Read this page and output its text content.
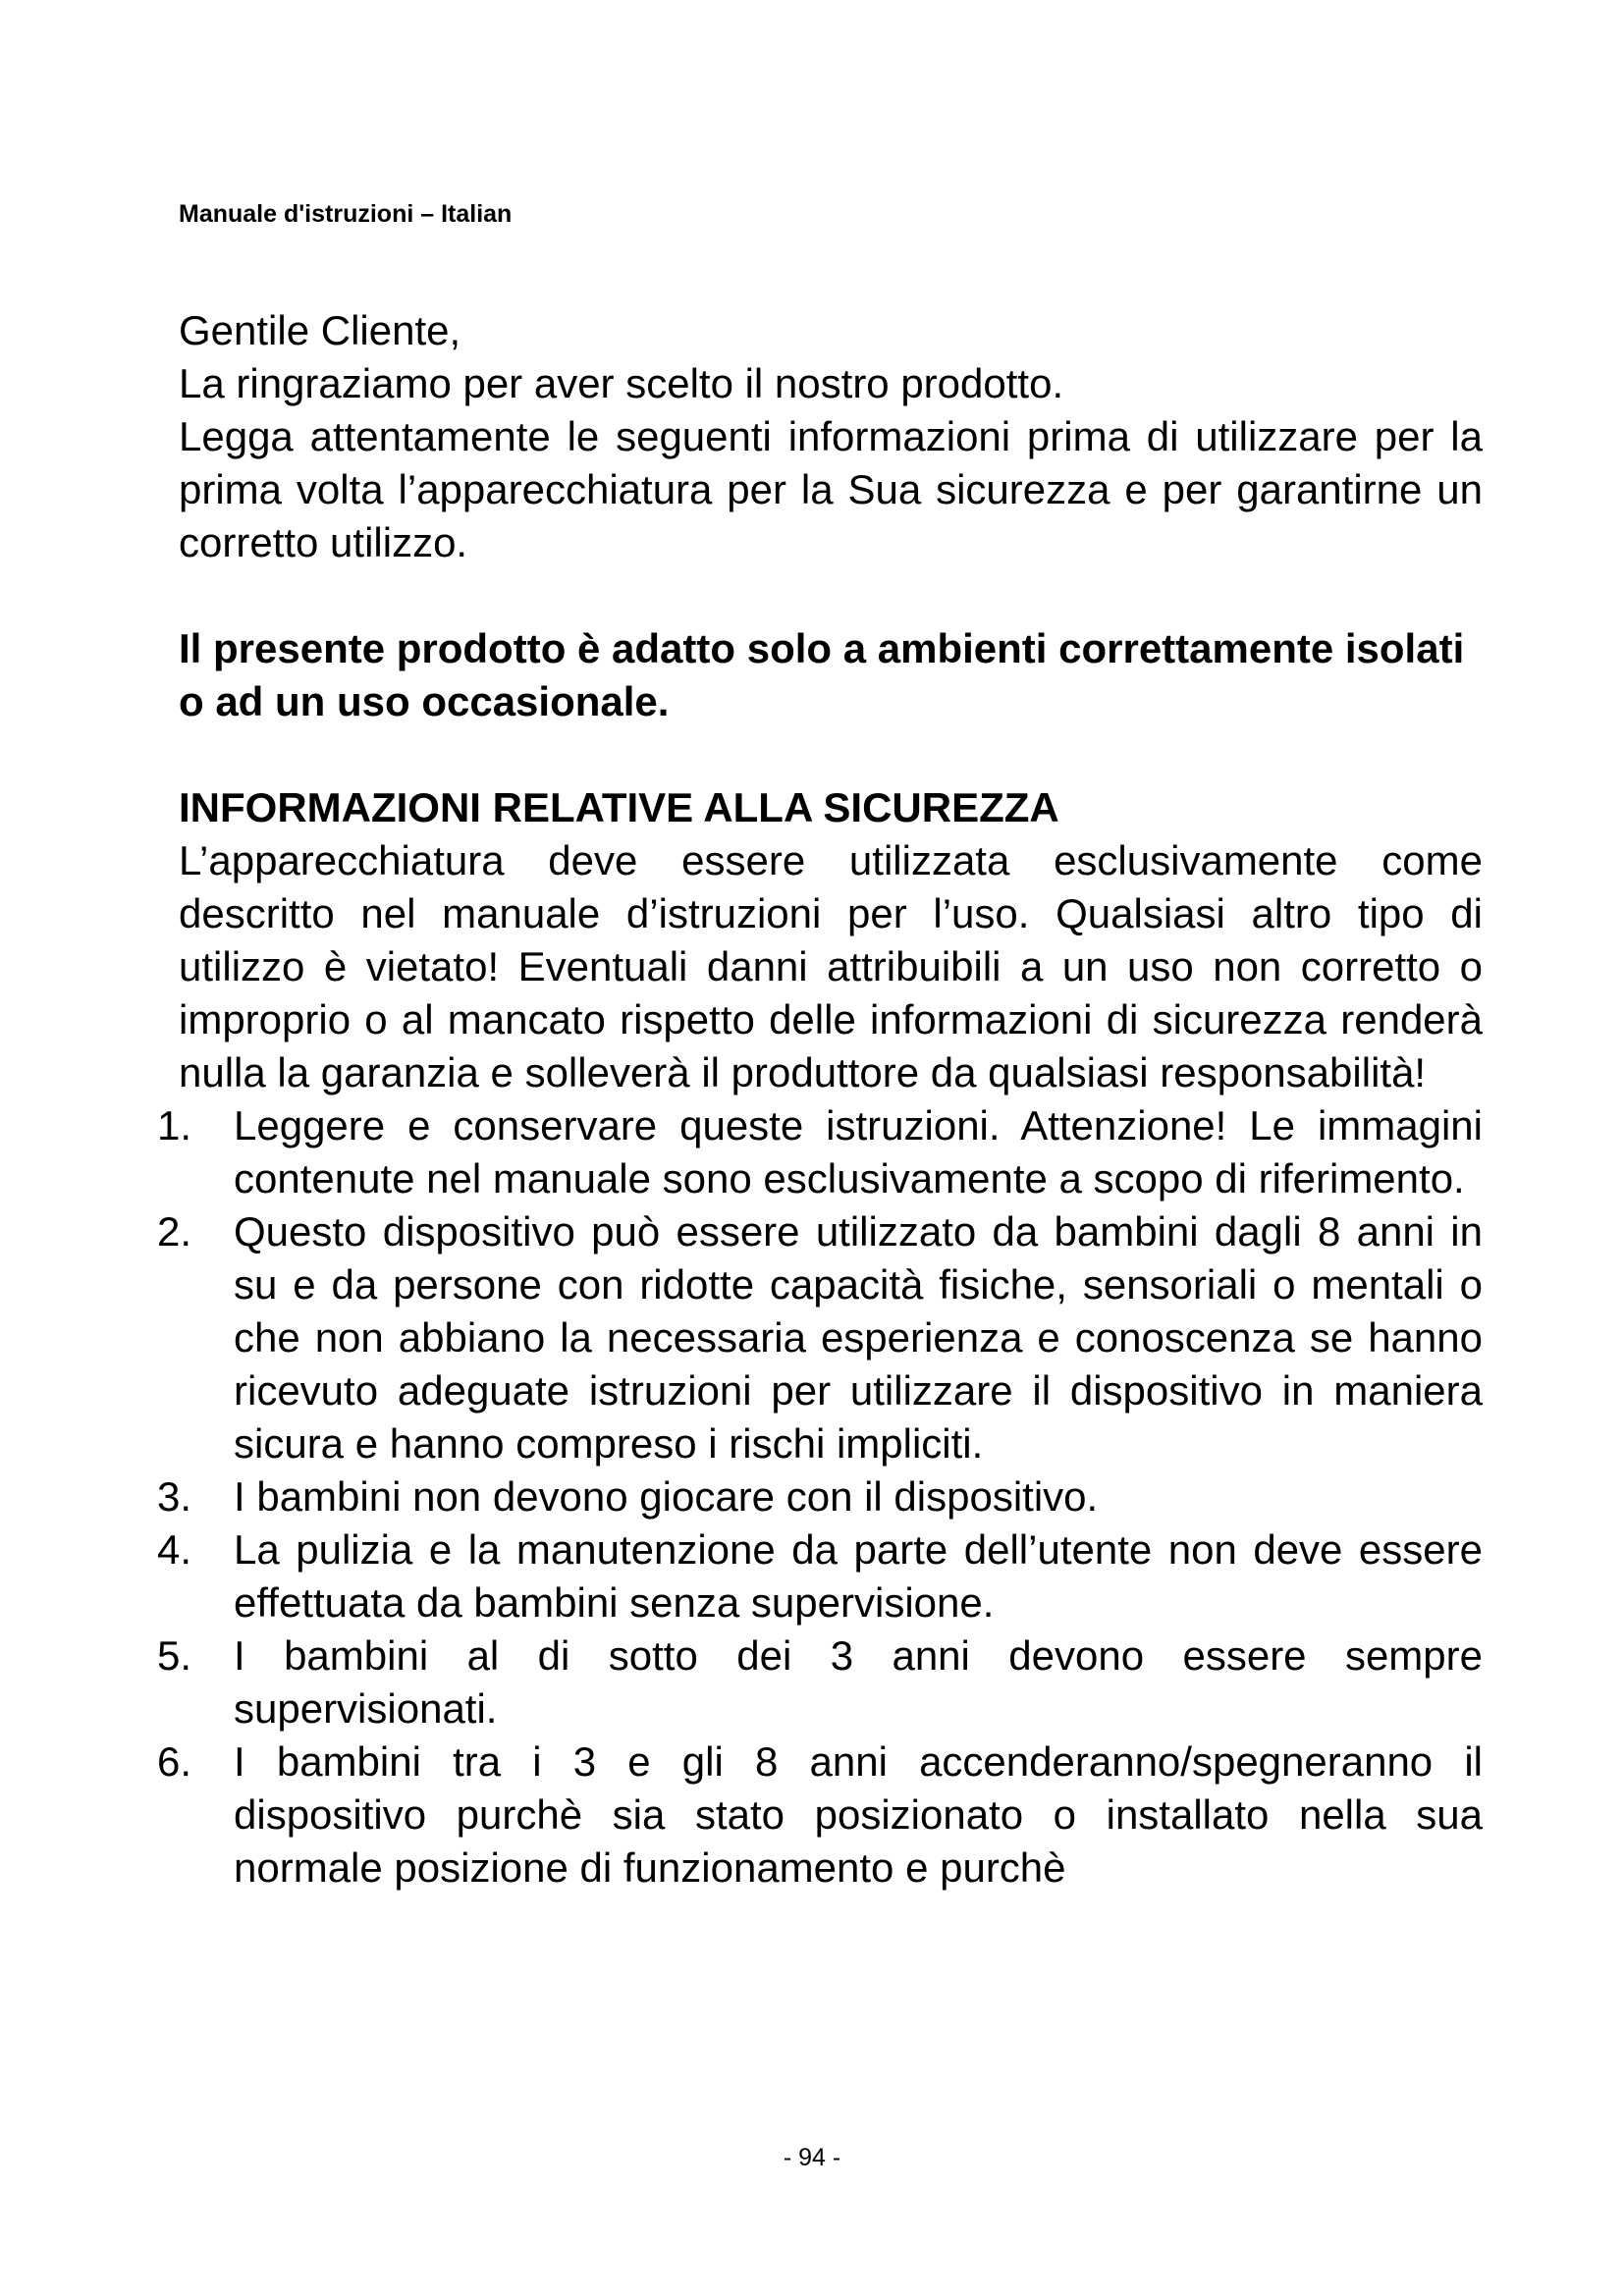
Manuale d'istruzioni – Italian

Gentile Cliente,

La ringraziamo per aver scelto il nostro prodotto.

Legga attentamente le seguenti informazioni prima di utilizzare per la prima volta l’apparecchiatura per la Sua sicurezza e per garantirne un corretto utilizzo.

Il presente prodotto è adatto solo a ambienti correttamente isolati o ad un uso occasionale.

INFORMAZIONI RELATIVE ALLA SICUREZZA

L’apparecchiatura deve essere utilizzata esclusivamente come descritto nel manuale d’istruzioni per l’uso. Qualsiasi altro tipo di utilizzo è vietato! Eventuali danni attribuibili a un uso non corretto o improprio o al mancato rispetto delle informazioni di sicurezza renderà nulla la garanzia e solleverà il produttore da qualsiasi responsabilità!

1.	Leggere e conservare queste istruzioni. Attenzione! Le immagini contenute nel manuale sono esclusivamente a scopo di riferimento.
2.	Questo dispositivo può essere utilizzato da bambini dagli 8 anni in su e da persone con ridotte capacità fisiche, sensoriali o mentali o che non abbiano la necessaria esperienza e conoscenza se hanno ricevuto adeguate istruzioni per utilizzare il dispositivo in maniera sicura e hanno compreso i rischi impliciti.
3.	I bambini non devono giocare con il dispositivo.
4.	La pulizia e la manutenzione da parte dell’utente non deve essere effettuata da bambini senza supervisione.
5.	I bambini al di sotto dei 3 anni devono essere sempre supervisionati.
6.	I bambini tra i 3 e gli 8 anni accenderanno/spegneranno il dispositivo purchè sia stato posizionato o installato nella sua normale posizione di funzionamento e purchè
- 94 -
